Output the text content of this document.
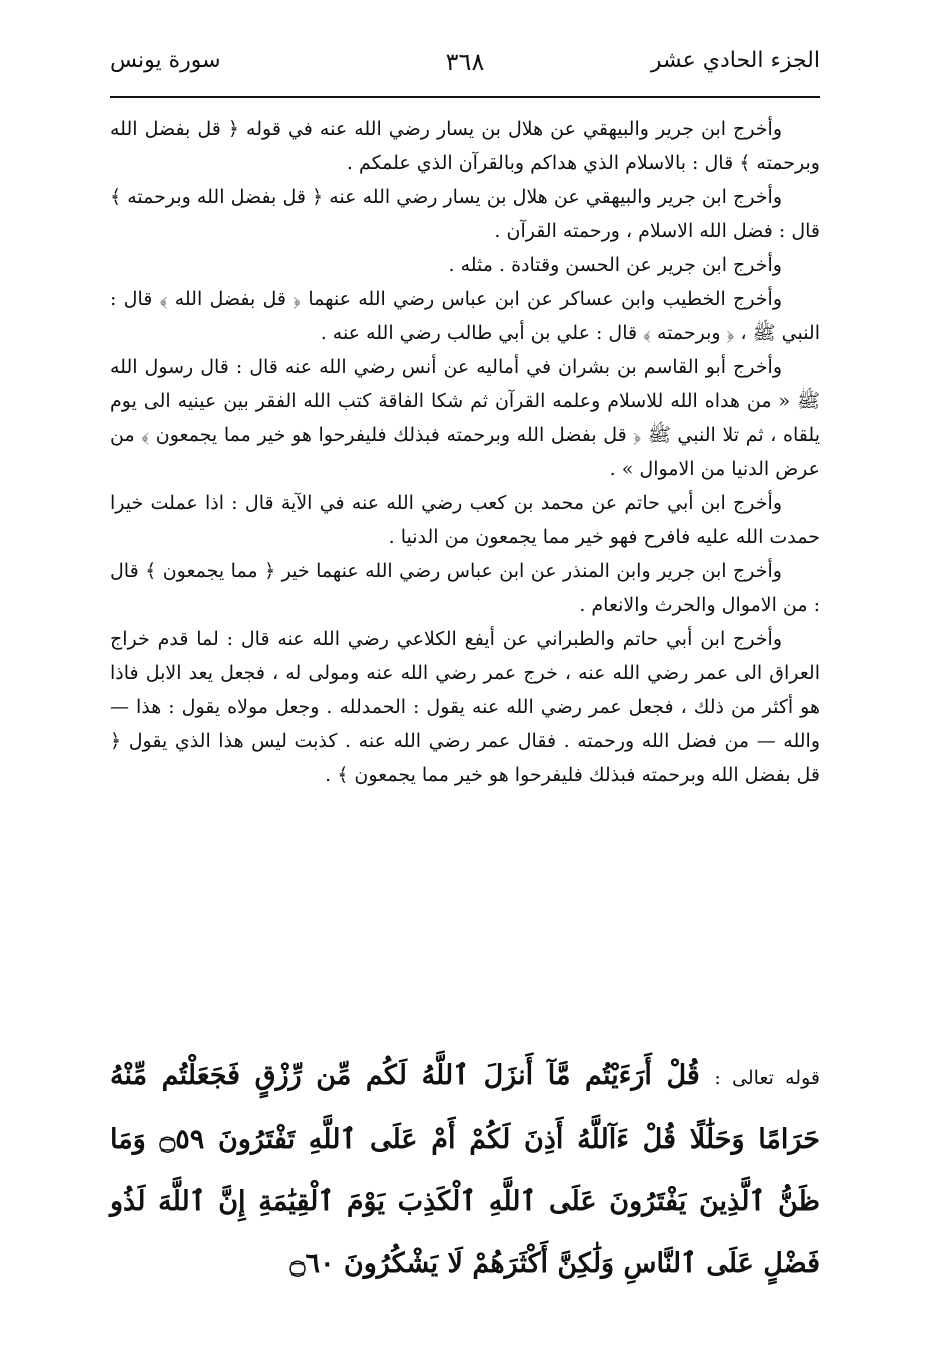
الجزء الحادي عشر
٣٦٨
سورة يونس

وأخرج ابن جرير والبيهقي عن هلال بن يسار رضي الله عنه في قوله ﴿ قل بفضل الله وبرحمته ﴾ قال : بالاسلام الذي هداكم وبالقرآن الذي علمكم .

وأخرج ابن جرير والبيهقي عن هلال بن يسار رضي الله عنه ﴿ قل بفضل الله وبرحمته ﴾ قال : فضل الله الاسلام ، ورحمته القرآن .

وأخرج ابن جرير عن الحسن وقتادة . مثله .

وأخرج الخطيب وابن عساكر عن ابن عباس رضي الله عنهما ﴿ قل بفضل الله ﴾ قال : النبي ﷺ ، ﴿ وبرحمته ﴾ قال : علي بن أبي طالب رضي الله عنه .

وأخرج أبو القاسم بن بشران في أماليه عن أنس رضي الله عنه قال : قال رسول الله ﷺ « من هداه الله للاسلام وعلمه القرآن ثم شكا الفاقة كتب الله الفقر بين عينيه الى يوم يلقاه ، ثم تلا النبي ﷺ ﴿ قل بفضل الله وبرحمته فبذلك فليفرحوا هو خير مما يجمعون ﴾ من عرض الدنيا من الاموال » .

وأخرج ابن أبي حاتم عن محمد بن كعب رضي الله عنه في الآية قال : اذا عملت خيرا حمدت الله عليه فافرح فهو خير مما يجمعون من الدنيا .

وأخرج ابن جرير وابن المنذر عن ابن عباس رضي الله عنهما خير ﴿ مما يجمعون ﴾ قال : من الاموال والحرث والانعام .

وأخرج ابن أبي حاتم والطبراني عن أيفع الكلاعي رضي الله عنه قال : لما قدم خراج العراق الى عمر رضي الله عنه ، خرج عمر رضي الله عنه ومولى له ، فجعل يعد الابل فاذا هو أكثر من ذلك ، فجعل عمر رضي الله عنه يقول : الحمدلله . وجعل مولاه يقول : هذا — والله — من فضل الله ورحمته . فقال عمر رضي الله عنه . كذبت ليس هذا الذي يقول ﴿ قل بفضل الله وبرحمته فبذلك فليفرحوا هو خير مما يجمعون ﴾ .

قوله تعالى : قُلْ أَرَءَيْتُم مَّآ أَنزَلَ ٱللَّهُ لَكُم مِّن رِّزْقٍ فَجَعَلْتُم مِّنْهُ حَرَامًا وَحَلَٰلًا قُلْ ءَآللَّهُ أَذِنَ لَكُمْ أَمْ عَلَى ٱللَّهِ تَفْتَرُونَ ۝٥٩ وَمَا ظَنُّ ٱلَّذِينَ يَفْتَرُونَ عَلَى ٱللَّهِ ٱلْكَذِبَ يَوْمَ ٱلْقِيَٰمَةِ إِنَّ ٱللَّهَ لَذُو فَضْلٍ عَلَى ٱلنَّاسِ وَلَٰكِنَّ أَكْثَرَهُمْ لَا يَشْكُرُونَ ۝٦٠
